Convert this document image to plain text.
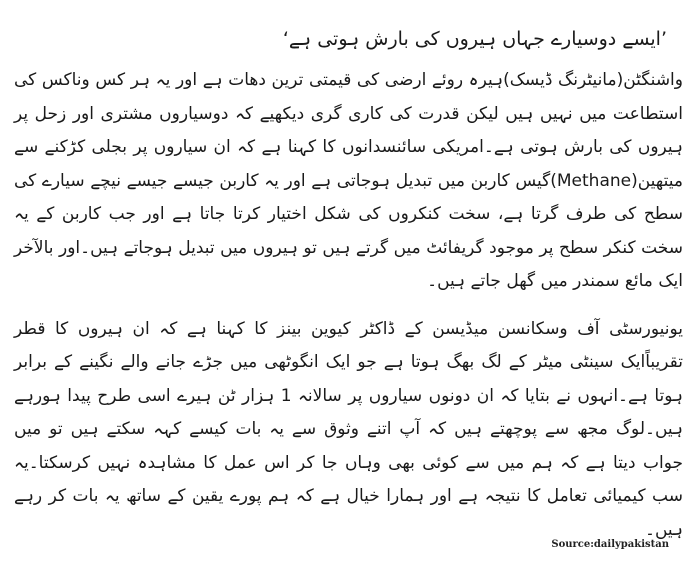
’ایسے دوسیارے جہاں ہیروں کی بارش ہوتی ہے‘

واشنگٹن(مانیٹرنگ ڈیسک)ہیرہ روئے ارضی کی قیمتی ترین دھات ہے اور یہ ہر کس وناکس کی استطاعت میں نہیں ہیں لیکن قدرت کی کاری گری دیکھیے کہ دوسیاروں مشتری اور زحل پر ہیروں کی بارش ہوتی ہے۔امریکی سائنسدانوں کا کہنا ہے کہ ان سیاروں پر بجلی کڑکنے سے میتھین(Methane)گیس کاربن میں تبدیل ہوجاتی ہے اور یہ کاربن جیسے جیسے نیچے سیارے کی سطح کی طرف گرتا ہے، سخت کنکروں کی شکل اختیار کرتا جاتا ہے اور جب کاربن کے یہ سخت کنکر سطح پر موجود گریفائٹ میں گرتے ہیں تو ہیروں میں تبدیل ہوجاتے ہیں۔اور بالآخر ایک مائع سمندر میں گھل جاتے ہیں۔

یونیورسٹی آف وسکانسن میڈیسن کے ڈاکٹر کیوین بینز کا کہنا ہے کہ ان ہیروں کا قطر تقریباًایک سینٹی میٹر کے لگ بھگ ہوتا ہے جو ایک انگوٹھی میں جڑے جانے والے نگینے کے برابر ہوتا ہے۔انہوں نے بتایا کہ ان دونوں سیاروں پر سالانہ 1 ہزار ٹن ہیرے اسی طرح پیدا ہورہے ہیں۔لوگ مجھ سے پوچھتے ہیں کہ آپ اتنے وثوق سے یہ بات کیسے کہہ سکتے ہیں تو میں جواب دیتا ہے کہ ہم میں سے کوئی بھی وہاں جا کر اس عمل کا مشاہدہ نہیں کرسکتا۔یہ سب کیمیائی تعامل کا نتیجہ ہے اور ہمارا خیال ہے کہ ہم پورے یقین کے ساتھ یہ بات کر رہے ہیں۔

Source:dailypakistan
